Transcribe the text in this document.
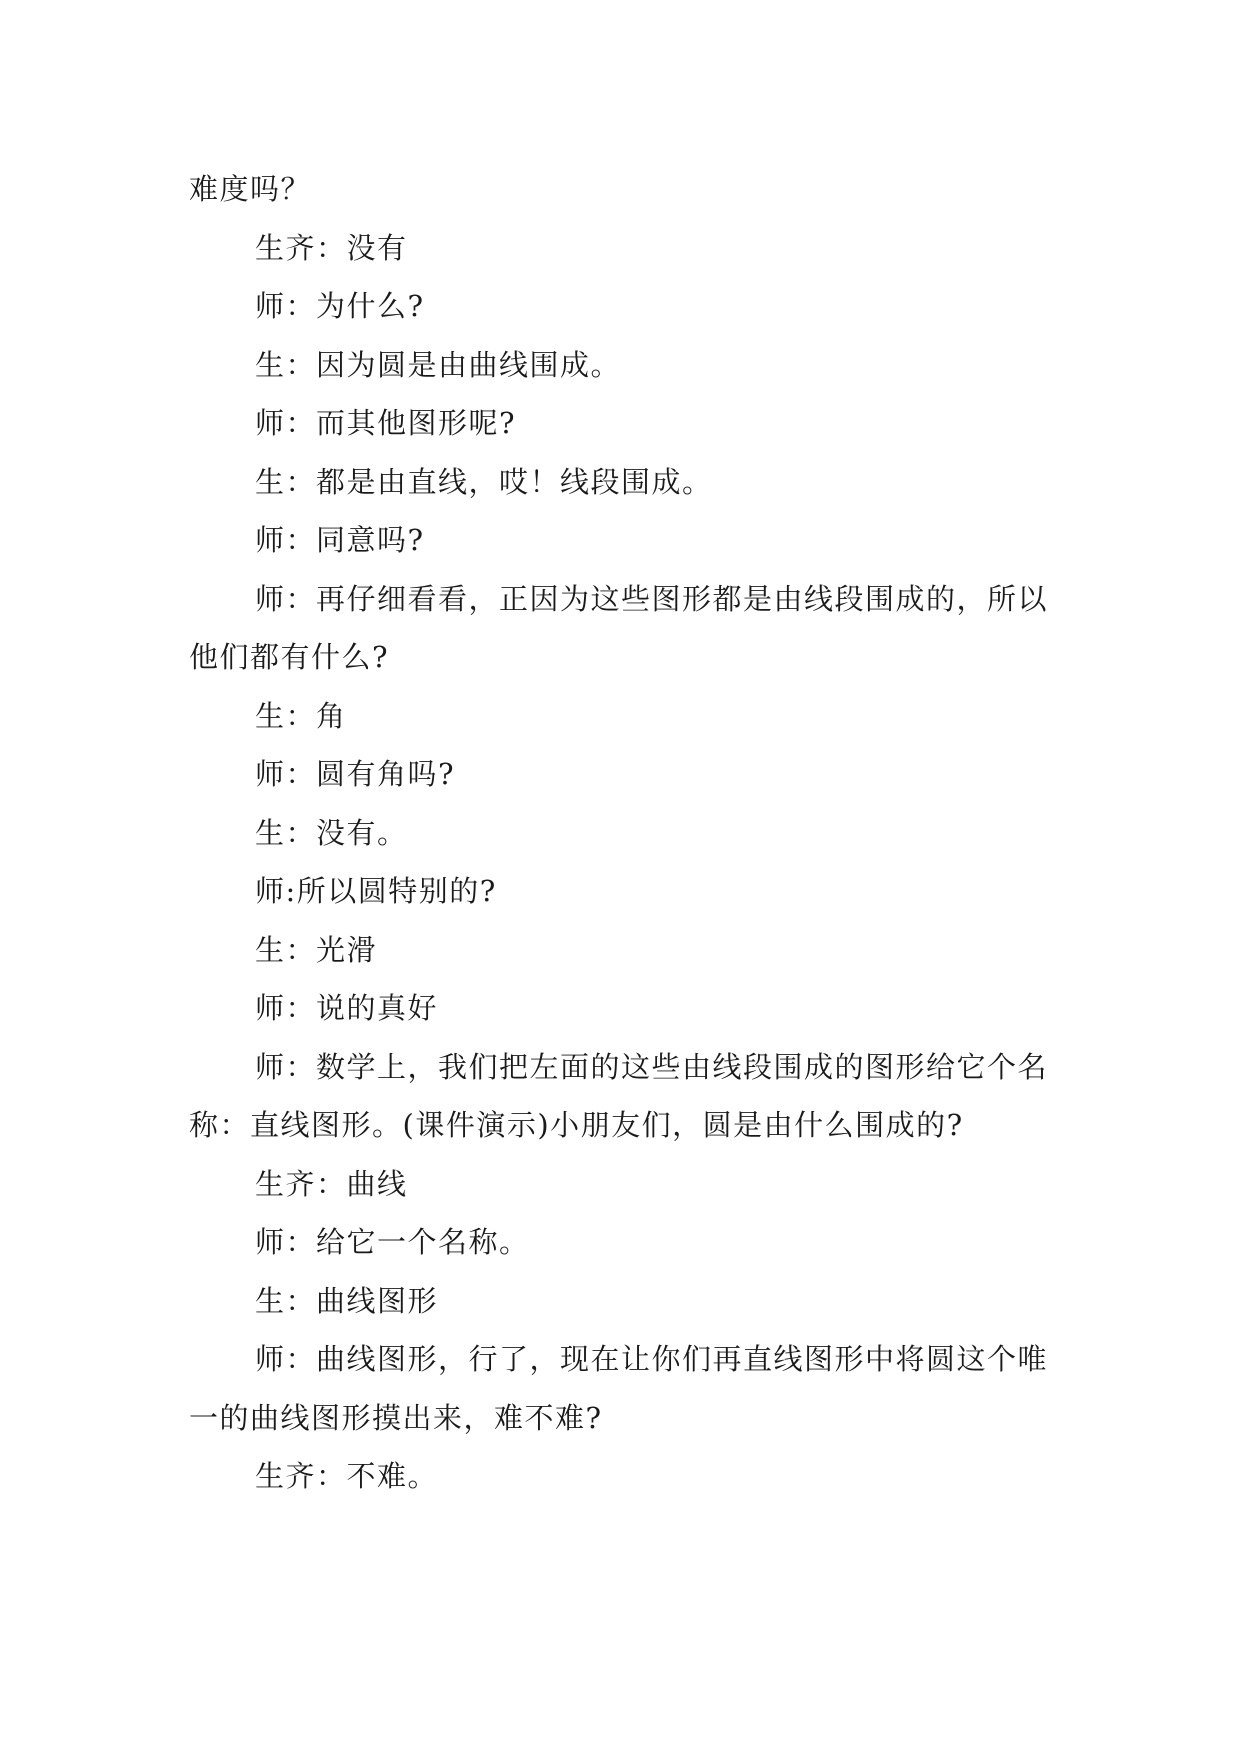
难度吗？

生齐：没有

师：为什么?

生：因为圆是由曲线围成。

师：而其他图形呢?

生：都是由直线，哎！线段围成。

师：同意吗?

师：再仔细看看，正因为这些图形都是由线段围成的，所以他们都有什么?

生：角

师：圆有角吗?

生：没有。

师:所以圆特别的?

生：光滑

师：说的真好

师：数学上，我们把左面的这些由线段围成的图形给它个名称：直线图形。(课件演示)小朋友们，圆是由什么围成的?

生齐：曲线

师：给它一个名称。

生：曲线图形

师：曲线图形，行了，现在让你们再直线图形中将圆这个唯一的曲线图形摸出来，难不难?

生齐：不难。
